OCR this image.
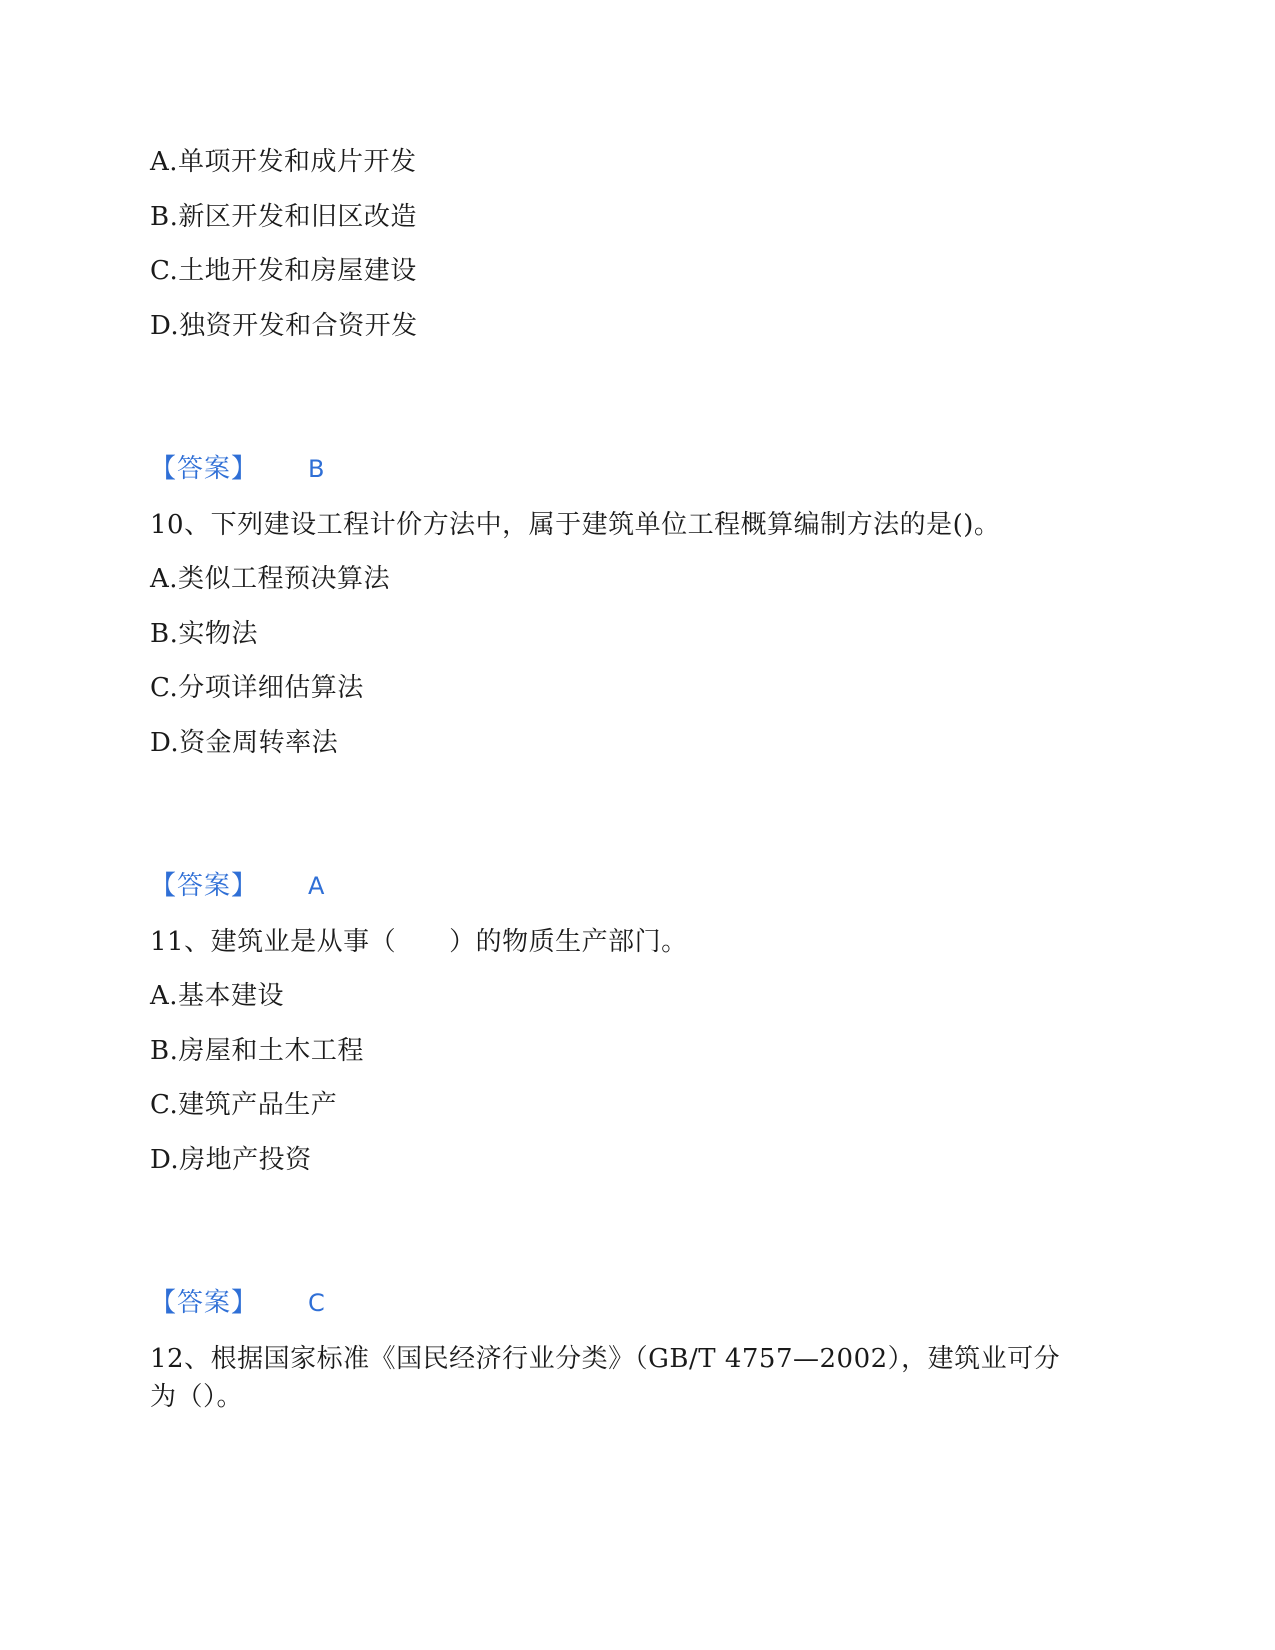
A.单项开发和成片开发
B.新区开发和旧区改造
C.土地开发和房屋建设
D.独资开发和合资开发
【答案】 B
10、下列建设工程计价方法中，属于建筑单位工程概算编制方法的是()。
A.类似工程预决算法
B.实物法
C.分项详细估算法
D.资金周转率法
【答案】 A
11、建筑业是从事（　　）的物质生产部门。
A.基本建设
B.房屋和土木工程
C.建筑产品生产
D.房地产投资
【答案】 C
12、根据国家标准《国民经济行业分类》（GB/T 4757—2002），建筑业可分
为（）。
